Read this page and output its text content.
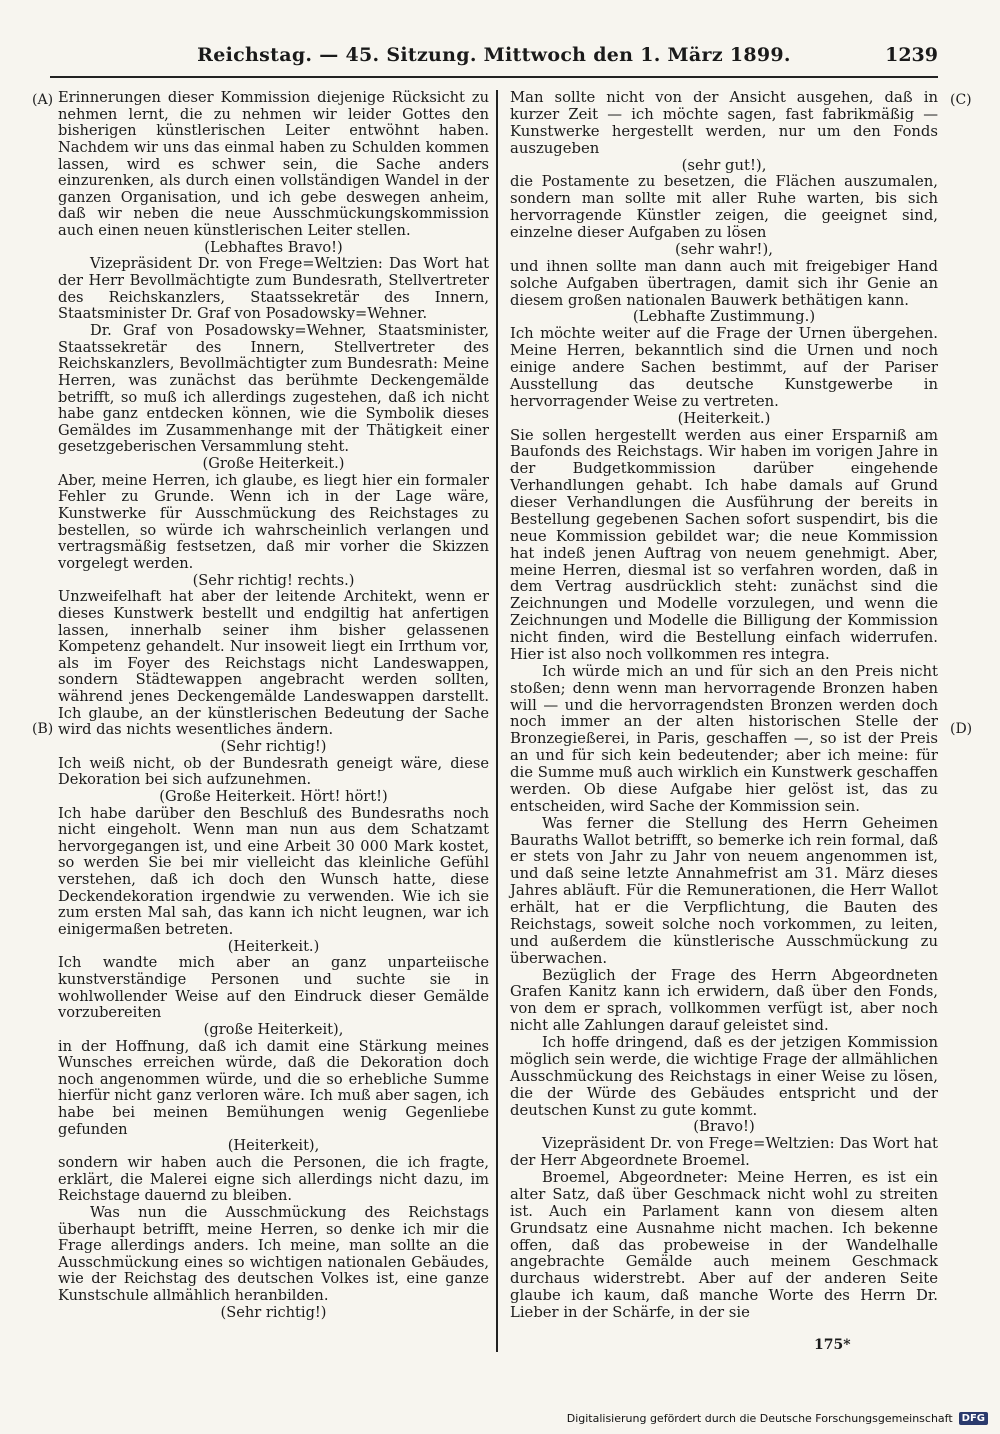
Reichstag. — 45. Sitzung. Mittwoch den 1. März 1899.	1239
(A)
(B)
(C)
(D)

Erinnerungen dieser Kommission diejenige Rücksicht zu nehmen lernt, die zu nehmen wir leider Gottes den bisherigen künstlerischen Leiter entwöhnt haben. Nachdem wir uns das einmal haben zu Schulden kommen lassen, wird es schwer sein, die Sache anders einzurenken, als durch einen vollständigen Wandel in der ganzen Organisation, und ich gebe deswegen anheim, daß wir neben die neue Ausschmückungskommission auch einen neuen künstlerischen Leiter stellen.

(Lebhaftes Bravo!)

Vizepräsident Dr. von Frege=Weltzien: Das Wort hat der Herr Bevollmächtigte zum Bundesrath, Stellvertreter des Reichskanzlers, Staatssekretär des Innern, Staatsminister Dr. Graf von Posadowsky=Wehner.

Dr. Graf von Posadowsky=Wehner, Staatsminister, Staatssekretär des Innern, Stellvertreter des Reichskanzlers, Bevollmächtigter zum Bundesrath: Meine Herren, was zunächst das berühmte Deckengemälde betrifft, so muß ich allerdings zugestehen, daß ich nicht habe ganz entdecken können, wie die Symbolik dieses Gemäldes im Zusammenhange mit der Thätigkeit einer gesetzgeberischen Versammlung steht.

(Große Heiterkeit.)

Aber, meine Herren, ich glaube, es liegt hier ein formaler Fehler zu Grunde. Wenn ich in der Lage wäre, Kunstwerke für Ausschmückung des Reichstages zu bestellen, so würde ich wahrscheinlich verlangen und vertragsmäßig festsetzen, daß mir vorher die Skizzen vorgelegt werden.

(Sehr richtig! rechts.)

Unzweifelhaft hat aber der leitende Architekt, wenn er dieses Kunstwerk bestellt und endgiltig hat anfertigen lassen, innerhalb seiner ihm bisher gelassenen Kompetenz gehandelt. Nur insoweit liegt ein Irrthum vor, als im Foyer des Reichstags nicht Landeswappen, sondern Städtewappen angebracht werden sollten, während jenes Deckengemälde Landeswappen darstellt. Ich glaube, an der künstlerischen Bedeutung der Sache wird das nichts wesentliches ändern.

(Sehr richtig!)

Ich weiß nicht, ob der Bundesrath geneigt wäre, diese Dekoration bei sich aufzunehmen.

(Große Heiterkeit. Hört! hört!)

Ich habe darüber den Beschluß des Bundesraths noch nicht eingeholt. Wenn man nun aus dem Schatzamt hervorgegangen ist, und eine Arbeit 30 000 Mark kostet, so werden Sie bei mir vielleicht das kleinliche Gefühl verstehen, daß ich doch den Wunsch hatte, diese Deckendekoration irgendwie zu verwenden. Wie ich sie zum ersten Mal sah, das kann ich nicht leugnen, war ich einigermaßen betreten.

(Heiterkeit.)

Ich wandte mich aber an ganz unparteiische kunstverständige Personen und suchte sie in wohlwollender Weise auf den Eindruck dieser Gemälde vorzubereiten

(große Heiterkeit),

in der Hoffnung, daß ich damit eine Stärkung meines Wunsches erreichen würde, daß die Dekoration doch noch angenommen würde, und die so erhebliche Summe hierfür nicht ganz verloren wäre. Ich muß aber sagen, ich habe bei meinen Bemühungen wenig Gegenliebe gefunden

(Heiterkeit),

sondern wir haben auch die Personen, die ich fragte, erklärt, die Malerei eigne sich allerdings nicht dazu, im Reichstage dauernd zu bleiben.

Was nun die Ausschmückung des Reichstags überhaupt betrifft, meine Herren, so denke ich mir die Frage allerdings anders. Ich meine, man sollte an die Ausschmückung eines so wichtigen nationalen Gebäudes, wie der Reichstag des deutschen Volkes ist, eine ganze Kunstschule allmählich heranbilden.

(Sehr richtig!)

Man sollte nicht von der Ansicht ausgehen, daß in kurzer Zeit — ich möchte sagen, fast fabrikmäßig — Kunstwerke hergestellt werden, nur um den Fonds auszugeben

(sehr gut!),

die Postamente zu besetzen, die Flächen auszumalen, sondern man sollte mit aller Ruhe warten, bis sich hervorragende Künstler zeigen, die geeignet sind, einzelne dieser Aufgaben zu lösen

(sehr wahr!),

und ihnen sollte man dann auch mit freigebiger Hand solche Aufgaben übertragen, damit sich ihr Genie an diesem großen nationalen Bauwerk bethätigen kann.

(Lebhafte Zustimmung.)

Ich möchte weiter auf die Frage der Urnen übergehen. Meine Herren, bekanntlich sind die Urnen und noch einige andere Sachen bestimmt, auf der Pariser Ausstellung das deutsche Kunstgewerbe in hervorragender Weise zu vertreten.

(Heiterkeit.)

Sie sollen hergestellt werden aus einer Ersparniß am Baufonds des Reichstags. Wir haben im vorigen Jahre in der Budgetkommission darüber eingehende Verhandlungen gehabt. Ich habe damals auf Grund dieser Verhandlungen die Ausführung der bereits in Bestellung gegebenen Sachen sofort suspendirt, bis die neue Kommission gebildet war; die neue Kommission hat indeß jenen Auftrag von neuem genehmigt. Aber, meine Herren, diesmal ist so verfahren worden, daß in dem Vertrag ausdrücklich steht: zunächst sind die Zeichnungen und Modelle vorzulegen, und wenn die Zeichnungen und Modelle die Billigung der Kommission nicht finden, wird die Bestellung einfach widerrufen. Hier ist also noch vollkommen res integra.

Ich würde mich an und für sich an den Preis nicht stoßen; denn wenn man hervorragende Bronzen haben will — und die hervorragendsten Bronzen werden doch noch immer an der alten historischen Stelle der Bronzegießerei, in Paris, geschaffen —, so ist der Preis an und für sich kein bedeutender; aber ich meine: für die Summe muß auch wirklich ein Kunstwerk geschaffen werden. Ob diese Aufgabe hier gelöst ist, das zu entscheiden, wird Sache der Kommission sein.

Was ferner die Stellung des Herrn Geheimen Bauraths Wallot betrifft, so bemerke ich rein formal, daß er stets von Jahr zu Jahr von neuem angenommen ist, und daß seine letzte Annahmefrist am 31. März dieses Jahres abläuft. Für die Remunerationen, die Herr Wallot erhält, hat er die Verpflichtung, die Bauten des Reichstags, soweit solche noch vorkommen, zu leiten, und außerdem die künstlerische Ausschmückung zu überwachen.

Bezüglich der Frage des Herrn Abgeordneten Grafen Kanitz kann ich erwidern, daß über den Fonds, von dem er sprach, vollkommen verfügt ist, aber noch nicht alle Zahlungen darauf geleistet sind.

Ich hoffe dringend, daß es der jetzigen Kommission möglich sein werde, die wichtige Frage der allmählichen Ausschmückung des Reichstags in einer Weise zu lösen, die der Würde des Gebäudes entspricht und der deutschen Kunst zu gute kommt.

(Bravo!)

Vizepräsident Dr. von Frege=Weltzien: Das Wort hat der Herr Abgeordnete Broemel.

Broemel, Abgeordneter: Meine Herren, es ist ein alter Satz, daß über Geschmack nicht wohl zu streiten ist. Auch ein Parlament kann von diesem alten Grundsatz eine Ausnahme nicht machen. Ich bekenne offen, daß das probeweise in der Wandelhalle angebrachte Gemälde auch meinem Geschmack durchaus widerstrebt. Aber auf der anderen Seite glaube ich kaum, daß manche Worte des Herrn Dr. Lieber in der Schärfe, in der sie

175*
Digitalisierung gefördert durch die Deutsche Forschungsgemeinschaft DFG
